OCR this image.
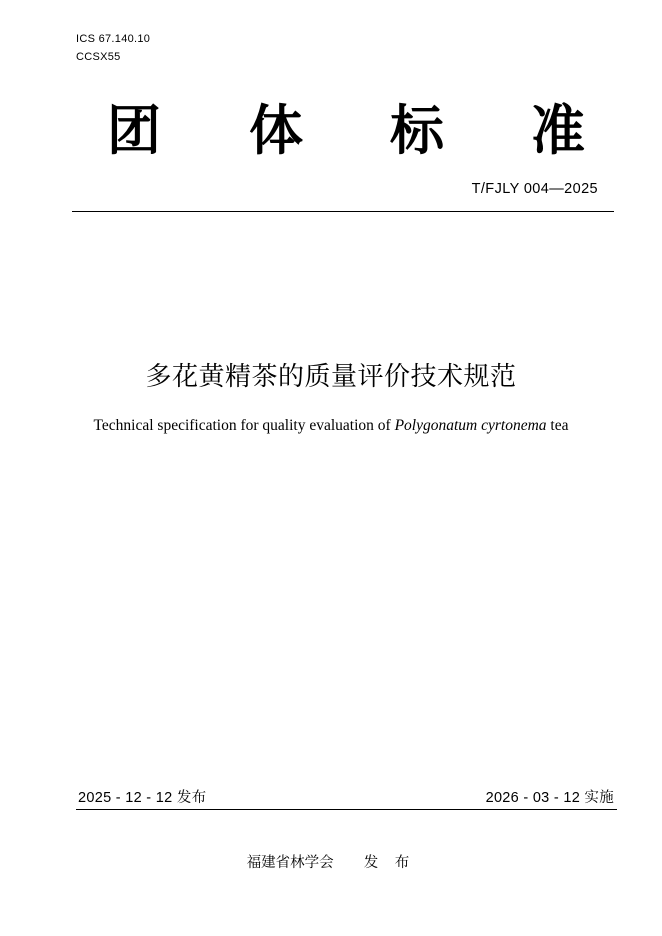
ICS 67.140.10
CCSX55
团 体 标 准
T/FJLY 004—2025
多花黄精茶的质量评价技术规范
Technical specification for quality evaluation of Polygonatum cyrtonema tea
2025 - 12 - 12 发布	2026 - 03 - 12 实施
福建省林学会 发 布
